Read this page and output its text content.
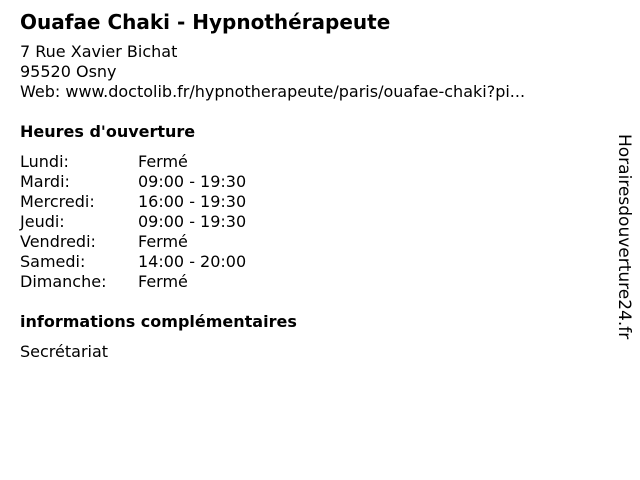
Ouafae Chaki - Hypnothérapeute
7 Rue Xavier Bichat
95520 Osny
Web: www.doctolib.fr/hypnotherapeute/paris/ouafae-chaki?pi...
Heures d'ouverture
Lundi:	Fermé
Mardi:	09:00 - 19:30
Mercredi:	16:00 - 19:30
Jeudi:	09:00 - 19:30
Vendredi:	Fermé
Samedi:	14:00 - 20:00
Dimanche:	Fermé
informations complémentaires
Secrétariat
Horairesdouverture24.fr
